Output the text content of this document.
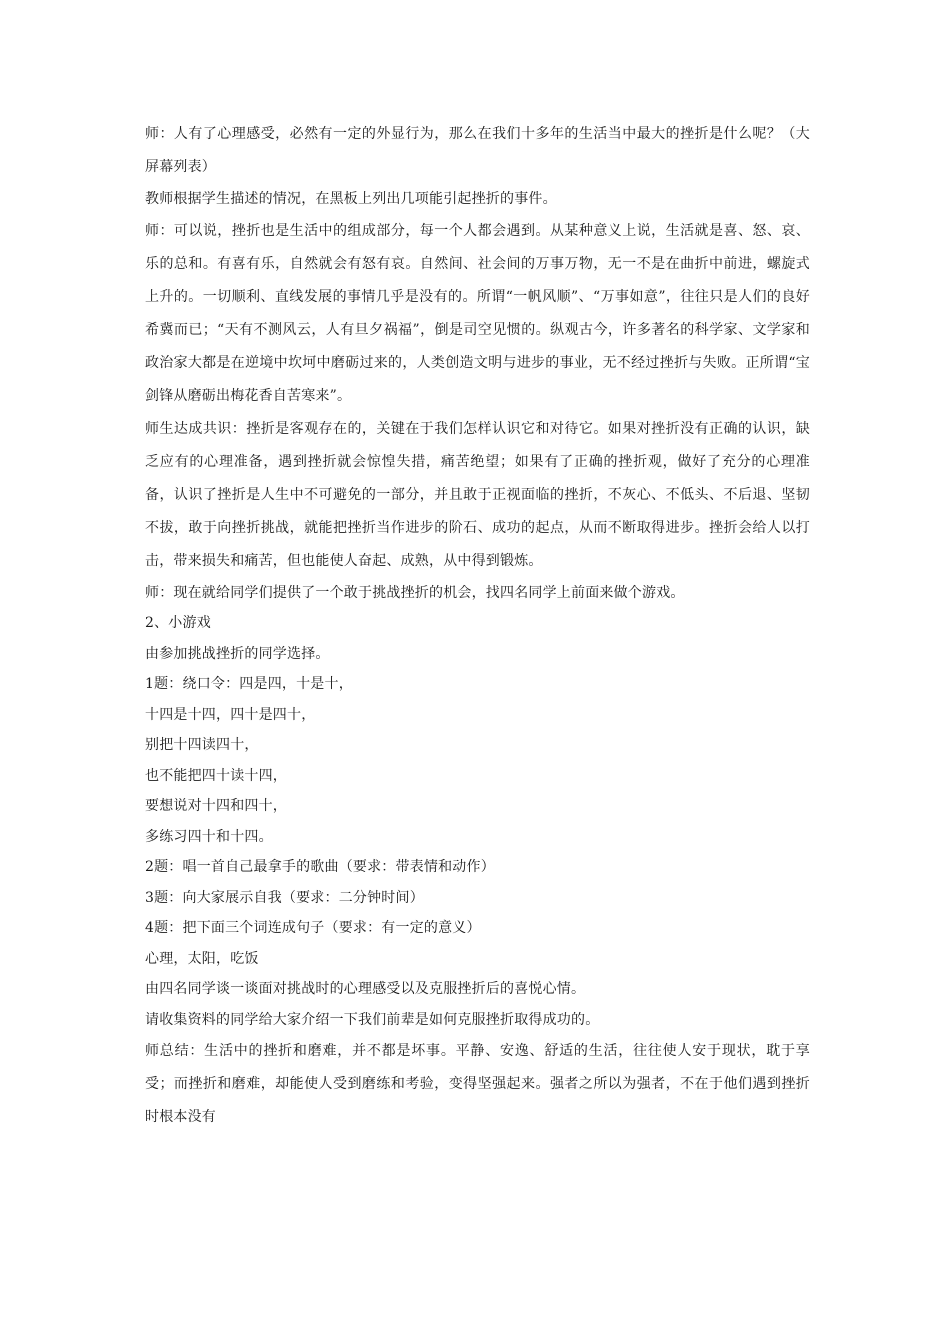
师：人有了心理感受，必然有一定的外显行为，那么在我们十多年的生活当中最大的挫折是什么呢？（大屏幕列表）

教师根据学生描述的情况，在黑板上列出几项能引起挫折的事件。

师：可以说，挫折也是生活中的组成部分，每一个人都会遇到。从某种意义上说，生活就是喜、怒、哀、乐的总和。有喜有乐，自然就会有怒有哀。自然间、社会间的万事万物，无一不是在曲折中前进，螺旋式上升的。一切顺利、直线发展的事情几乎是没有的。所谓“一帆风顺”、“万事如意”，往往只是人们的良好希冀而已；“天有不测风云，人有旦夕祸福”，倒是司空见惯的。纵观古今，许多著名的科学家、文学家和政治家大都是在逆境中坎坷中磨砺过来的，人类创造文明与进步的事业，无不经过挫折与失败。正所谓“宝剑锋从磨砺出梅花香自苦寒来”。

师生达成共识：挫折是客观存在的，关键在于我们怎样认识它和对待它。如果对挫折没有正确的认识，缺乏应有的心理准备，遇到挫折就会惊惶失措，痛苦绝望；如果有了正确的挫折观，做好了充分的心理准备，认识了挫折是人生中不可避免的一部分，并且敢于正视面临的挫折，不灰心、不低头、不后退、坚韧不拔，敢于向挫折挑战，就能把挫折当作进步的阶石、成功的起点，从而不断取得进步。挫折会给人以打击，带来损失和痛苦，但也能使人奋起、成熟，从中得到锻炼。

师：现在就给同学们提供了一个敢于挑战挫折的机会，找四名同学上前面来做个游戏。

2、小游戏

由参加挑战挫折的同学选择。

1题：绕口令：四是四，十是十，

十四是十四，四十是四十，

别把十四读四十，

也不能把四十读十四，

要想说对十四和四十，

多练习四十和十四。

2题：唱一首自己最拿手的歌曲（要求：带表情和动作）

3题：向大家展示自我（要求：二分钟时间）

4题：把下面三个词连成句子（要求：有一定的意义）

心理，太阳，吃饭

由四名同学谈一谈面对挑战时的心理感受以及克服挫折后的喜悦心情。

请收集资料的同学给大家介绍一下我们前辈是如何克服挫折取得成功的。

师总结：生活中的挫折和磨难，并不都是坏事。平静、安逸、舒适的生活，往往使人安于现状，耽于享受；而挫折和磨难，却能使人受到磨练和考验，变得坚强起来。强者之所以为强者，不在于他们遇到挫折时根本没有
